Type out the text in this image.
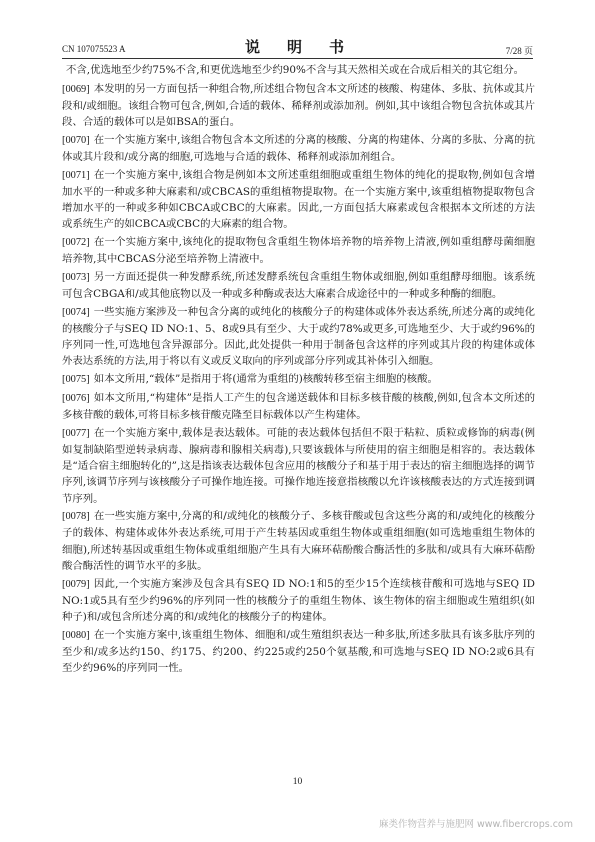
CN 107075523 A	说　明　书	7/28 页

不含,优选地至少约75%不含,和更优选地至少约90%不含与其天然相关或在合成后相关的其它组分。

[0069] 本发明的另一方面包括一种组合物,所述组合物包含本文所述的核酸、构建体、多肽、抗体或其片段和/或细胞。该组合物可包含,例如,合适的载体、稀释剂或添加剂。例如,其中该组合物包含抗体或其片段、合适的载体可以是如BSA的蛋白。

[0070] 在一个实施方案中,该组合物包含本文所述的分离的核酸、分离的构建体、分离的多肽、分离的抗体或其片段和/或分离的细胞,可选地与合适的载体、稀释剂或添加剂组合。

[0071] 在一个实施方案中,该组合物是例如本文所述重组细胞或重组生物体的纯化的提取物,例如包含增加水平的一种或多种大麻素和/或CBCAS的重组植物提取物。在一个实施方案中,该重组植物提取物包含增加水平的一种或多种如CBCA或CBC的大麻素。因此,一方面包括大麻素或包含根据本文所述的方法或系统生产的如CBCA或CBC的大麻素的组合物。

[0072] 在一个实施方案中,该纯化的提取物包含重组生物体培养物的培养物上清液,例如重组酵母菌细胞培养物,其中CBCAS分泌至培养物上清液中。

[0073] 另一方面还提供一种发酵系统,所述发酵系统包含重组生物体或细胞,例如重组酵母细胞。该系统可包含CBGA和/或其他底物以及一种或多种酶或表达大麻素合成途径中的一种或多种酶的细胞。

[0074] 一些实施方案涉及一种包含分离的或纯化的核酸分子的构建体或体外表达系统,所述分离的或纯化的核酸分子与SEQ ID NO:1、5、8或9具有至少、大于或约78%或更多,可选地至少、大于或约96%的序列同一性,可选地包含异源部分。因此,此处提供一种用于制备包含这样的序列或其片段的构建体或体外表达系统的方法,用于将以有义或反义取向的序列或部分序列或其补体引入细胞。

[0075] 如本文所用,“载体”是指用于将(通常为重组的)核酸转移至宿主细胞的核酸。

[0076] 如本文所用,“构建体”是指人工产生的包含递送载体和目标多核苷酸的核酸,例如,包含本文所述的多核苷酸的载体,可将目标多核苷酸克隆至目标载体以产生构建体。

[0077] 在一个实施方案中,载体是表达载体。可能的表达载体包括但不限于粘粒、质粒或修饰的病毒(例如复制缺陷型逆转录病毒、腺病毒和腺相关病毒),只要该载体与所使用的宿主细胞是相容的。表达载体是“适合宿主细胞转化的”,这是指该表达载体包含应用的核酸分子和基于用于表达的宿主细胞选择的调节序列,该调节序列与该核酸分子可操作地连接。可操作地连接意指核酸以允许该核酸表达的方式连接到调节序列。

[0078] 在一些实施方案中,分离的和/或纯化的核酸分子、多核苷酸或包含这些分离的和/或纯化的核酸分子的载体、构建体或体外表达系统,可用于产生转基因或重组生物体或重组细胞(如可选地重组生物体的细胞),所述转基因或重组生物体或重组细胞产生具有大麻环萜酚酸合酶活性的多肽和/或具有大麻环萜酚酸合酶活性的调节水平的多肽。

[0079] 因此,一个实施方案涉及包含具有SEQ ID NO:1和5的至少15个连续核苷酸和可选地与SEQ ID NO:1或5具有至少约96%的序列同一性的核酸分子的重组生物体、该生物体的宿主细胞或生殖组织(如种子)和/或包含所述分离的和/或纯化的核酸分子的构建体。

[0080] 在一个实施方案中,该重组生物体、细胞和/或生殖组织表达一种多肽,所述多肽具有该多肽序列的至少和/或多达约150、约175、约200、约225或约250个氨基酸,和可选地与SEQ ID NO:2或6具有至少约96%的序列同一性。

10
麻类作物营养与施肥网 www.fibercrops.com
